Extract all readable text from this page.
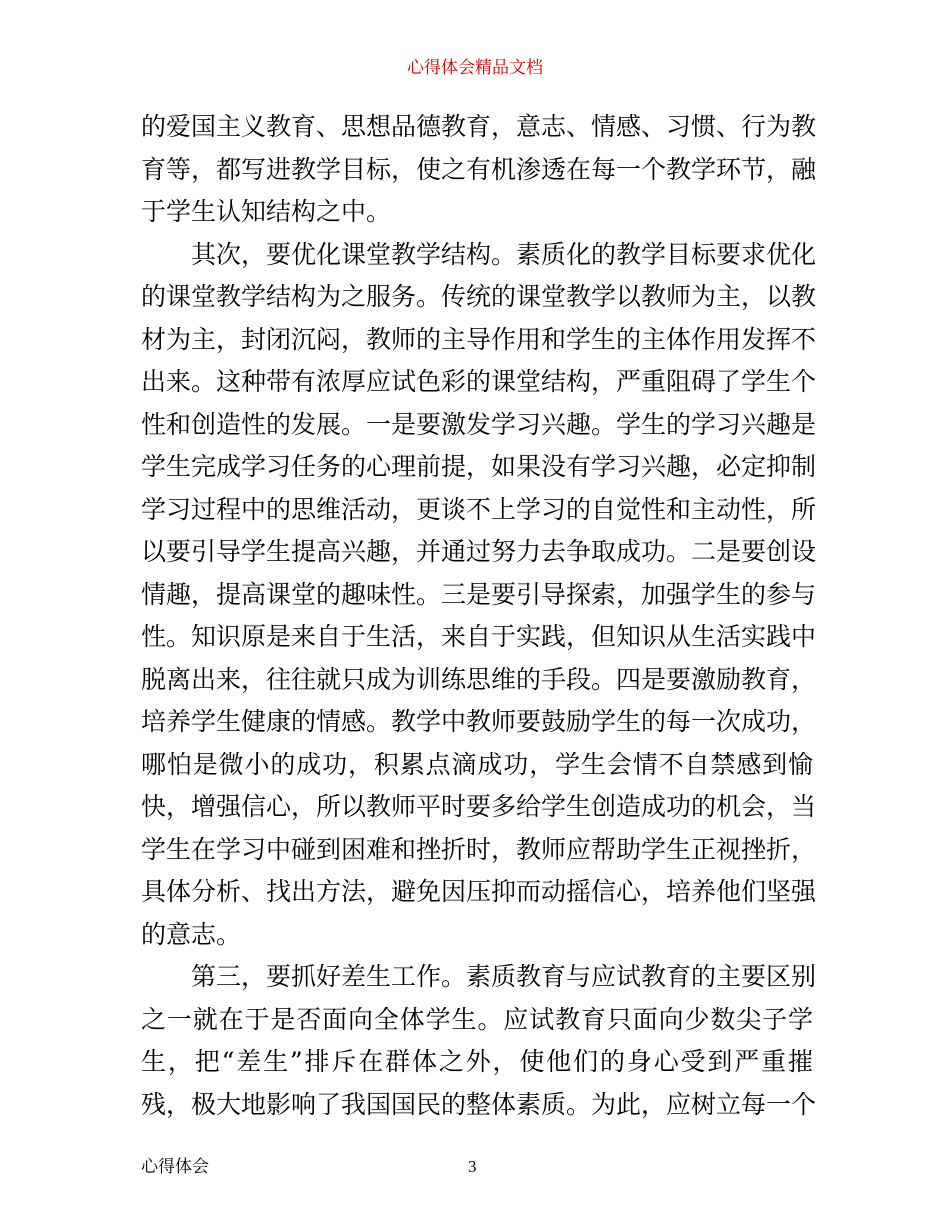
心得体会精品文档
的爱国主义教育、思想品德教育，意志、情感、习惯、行为教
育等，都写进教学目标，使之有机渗透在每一个教学环节，融
于学生认知结构之中。
其次，要优化课堂教学结构。素质化的教学目标要求优化
的课堂教学结构为之服务。传统的课堂教学以教师为主，以教
材为主，封闭沉闷，教师的主导作用和学生的主体作用发挥不
出来。这种带有浓厚应试色彩的课堂结构，严重阻碍了学生个
性和创造性的发展。一是要激发学习兴趣。学生的学习兴趣是
学生完成学习任务的心理前提，如果没有学习兴趣，必定抑制
学习过程中的思维活动，更谈不上学习的自觉性和主动性，所
以要引导学生提高兴趣，并通过努力去争取成功。二是要创设
情趣，提高课堂的趣味性。三是要引导探索，加强学生的参与
性。知识原是来自于生活，来自于实践，但知识从生活实践中
脱离出来，往往就只成为训练思维的手段。四是要激励教育，
培养学生健康的情感。教学中教师要鼓励学生的每一次成功，
哪怕是微小的成功，积累点滴成功，学生会情不自禁感到愉
快，增强信心，所以教师平时要多给学生创造成功的机会，当
学生在学习中碰到困难和挫折时，教师应帮助学生正视挫折，
具体分析、找出方法，避免因压抑而动摇信心，培养他们坚强
的意志。
第三，要抓好差生工作。素质教育与应试教育的主要区别
之一就在于是否面向全体学生。应试教育只面向少数尖子学
生，把“差生”排斥在群体之外，使他们的身心受到严重摧
残，极大地影响了我国国民的整体素质。为此，应树立每一个
心得体会	3
